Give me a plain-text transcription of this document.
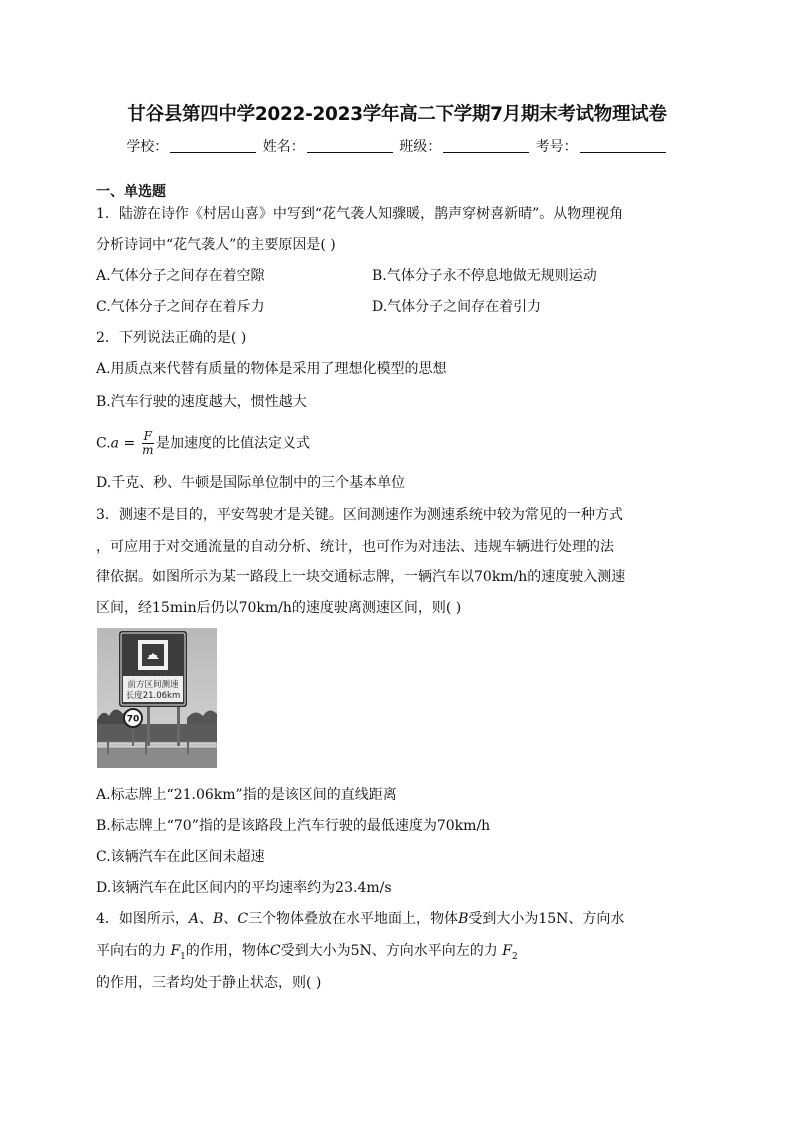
甘谷县第四中学2022-2023学年高二下学期7月期末考试物理试卷
学校：	姓名：	班级：	考号：
一、单选题
1．陆游在诗作《村居山喜》中写到“花气袭人知骤暖，鹊声穿树喜新晴”。从物理视角
分析诗词中“花气袭人”的主要原因是( )
A.气体分子之间存在着空隙	B.气体分子永不停息地做无规则运动
C.气体分子之间存在着斥力	D.气体分子之间存在着引力
2．下列说法正确的是( )
A.用质点来代替有质量的物体是采用了理想化模型的思想
B.汽车行驶的速度越大，惯性越大
$C.a = \frac{F}{m}$ 是加速度的比值法定义式
D.千克、秒、牛顿是国际单位制中的三个基本单位
3．测速不是目的，平安驾驶才是关键。区间测速作为测速系统中较为常见的一种方式
，可应用于对交通流量的自动分析、统计，也可作为对违法、违规车辆进行处理的法
律依据。如图所示为某一路段上一块交通标志牌，一辆汽车以70km/h的速度驶入测速
区间，经15min后仍以70km/h的速度驶离测速区间，则( )
前方区间测速
长度21.06km
70
A.标志牌上“21.06km”指的是该区间的直线距离
B.标志牌上“70”指的是该路段上汽车行驶的最低速度为70km/h
C.该辆汽车在此区间未超速
D.该辆汽车在此区间内的平均速率约为23.4m/s
4．如图所示，A、B、C三个物体叠放在水平地面上，物体B受到大小为15N、方向水
平向右的力 $F_1$的作用，物体C受到大小为5N、方向水平向左的力 $F_2$
的作用，三者均处于静止状态，则( )
